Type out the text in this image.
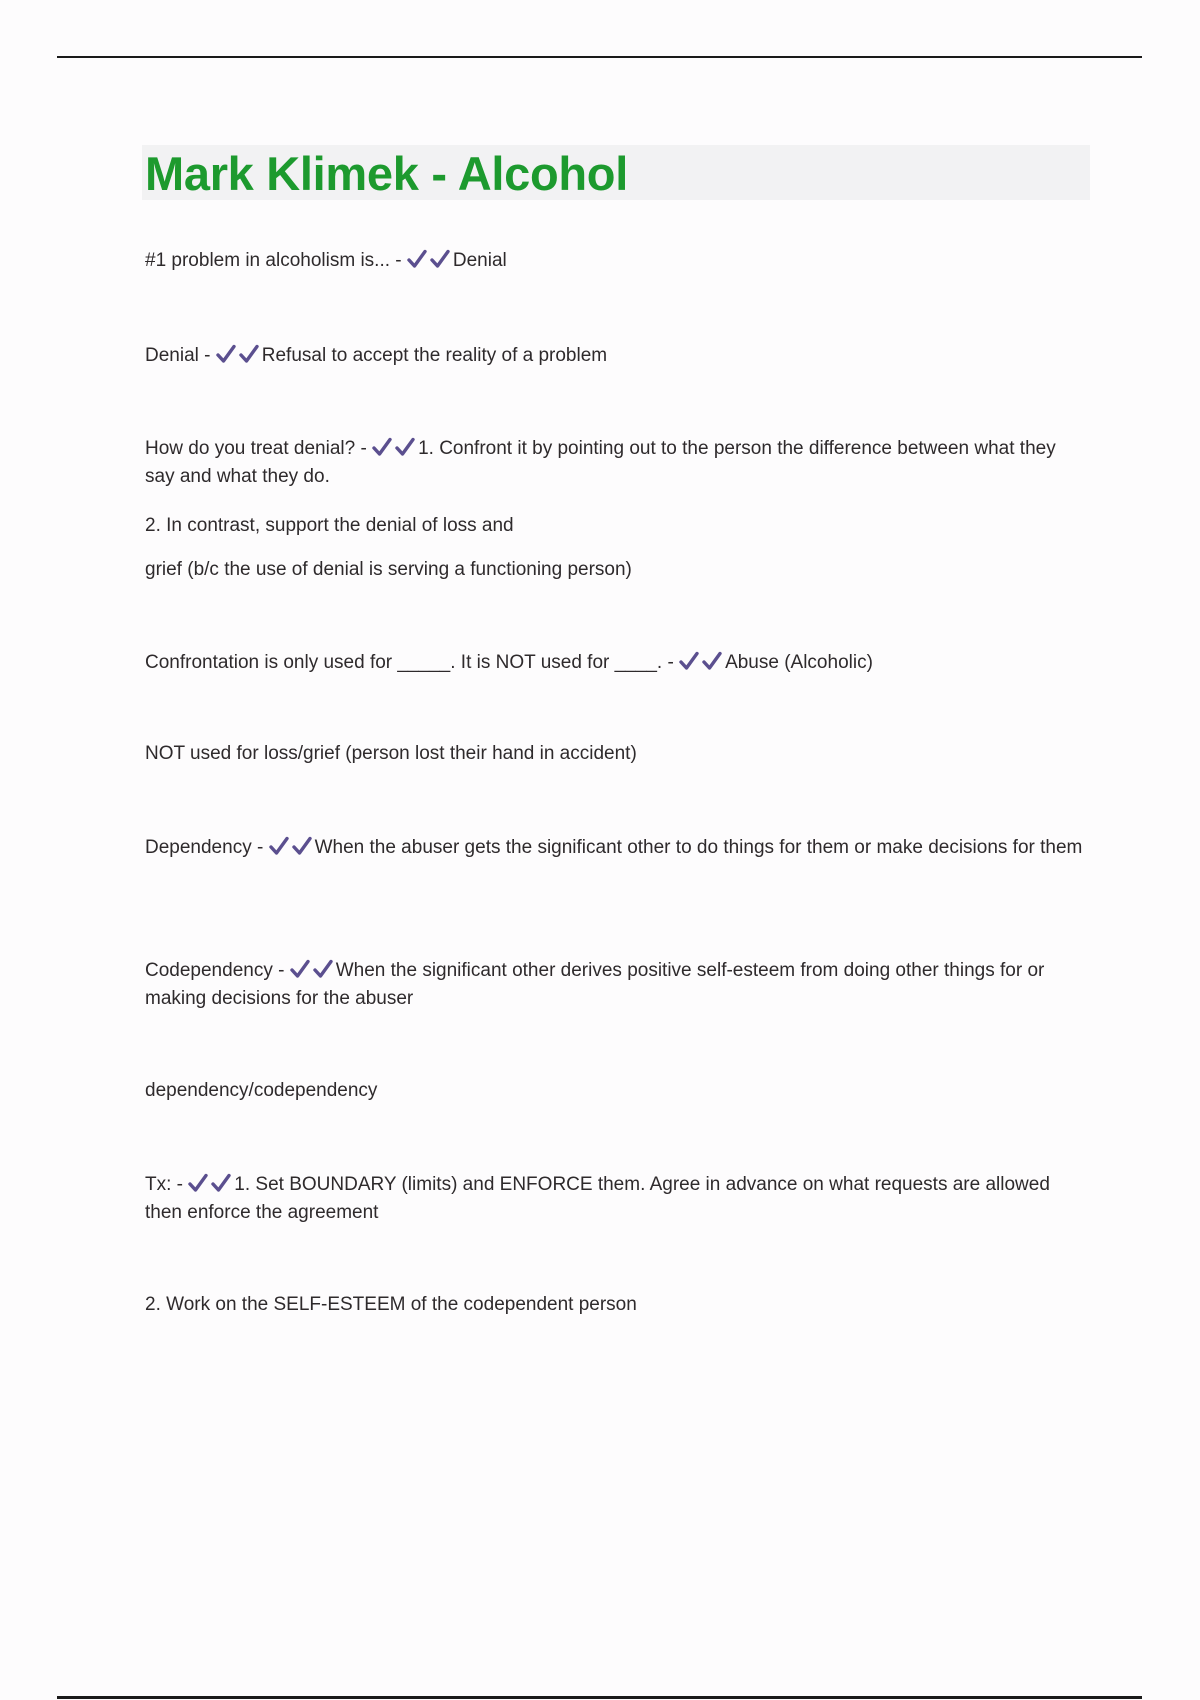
Mark Klimek - Alcohol
#1 problem in alcoholism is... -	Denial
Denial -	Refusal to accept the reality of a problem
How do you treat denial? -	1. Confront it by pointing out to the person the difference between what they say and what they do.
2. In contrast, support the denial of loss and
grief (b/c the use of denial is serving a functioning person)
Confrontation is only used for _____. It is NOT used for ____. -	Abuse (Alcoholic)
NOT used for loss/grief (person lost their hand in accident)
Dependency -	When the abuser gets the significant other to do things for them or make decisions for them
Codependency -	When the significant other derives positive self-esteem from doing other things for or making decisions for the abuser
dependency/codependency
Tx: -	1. Set BOUNDARY (limits) and ENFORCE them. Agree in advance on what requests are allowed then enforce the agreement
2. Work on the SELF-ESTEEM of the codependent person
